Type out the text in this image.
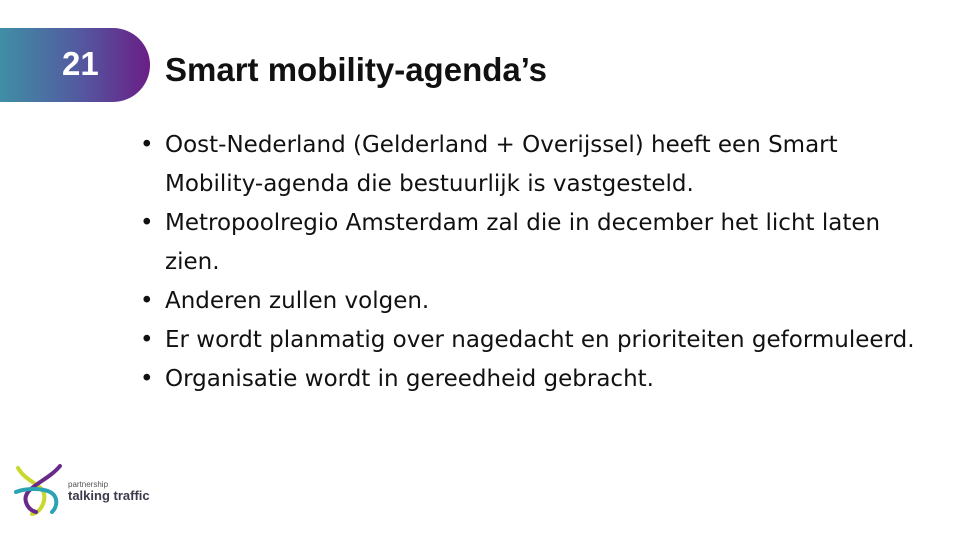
21 Smart mobility-agenda’s
• Oost-Nederland (Gelderland + Overijssel) heeft een Smart Mobility-agenda die bestuurlijk is vastgesteld.
• Metropoolregio Amsterdam zal die in december het licht laten zien.
• Anderen zullen volgen.
• Er wordt planmatig over nagedacht en prioriteiten geformuleerd.
• Organisatie wordt in gereedheid gebracht.
partnership
talking traffic
